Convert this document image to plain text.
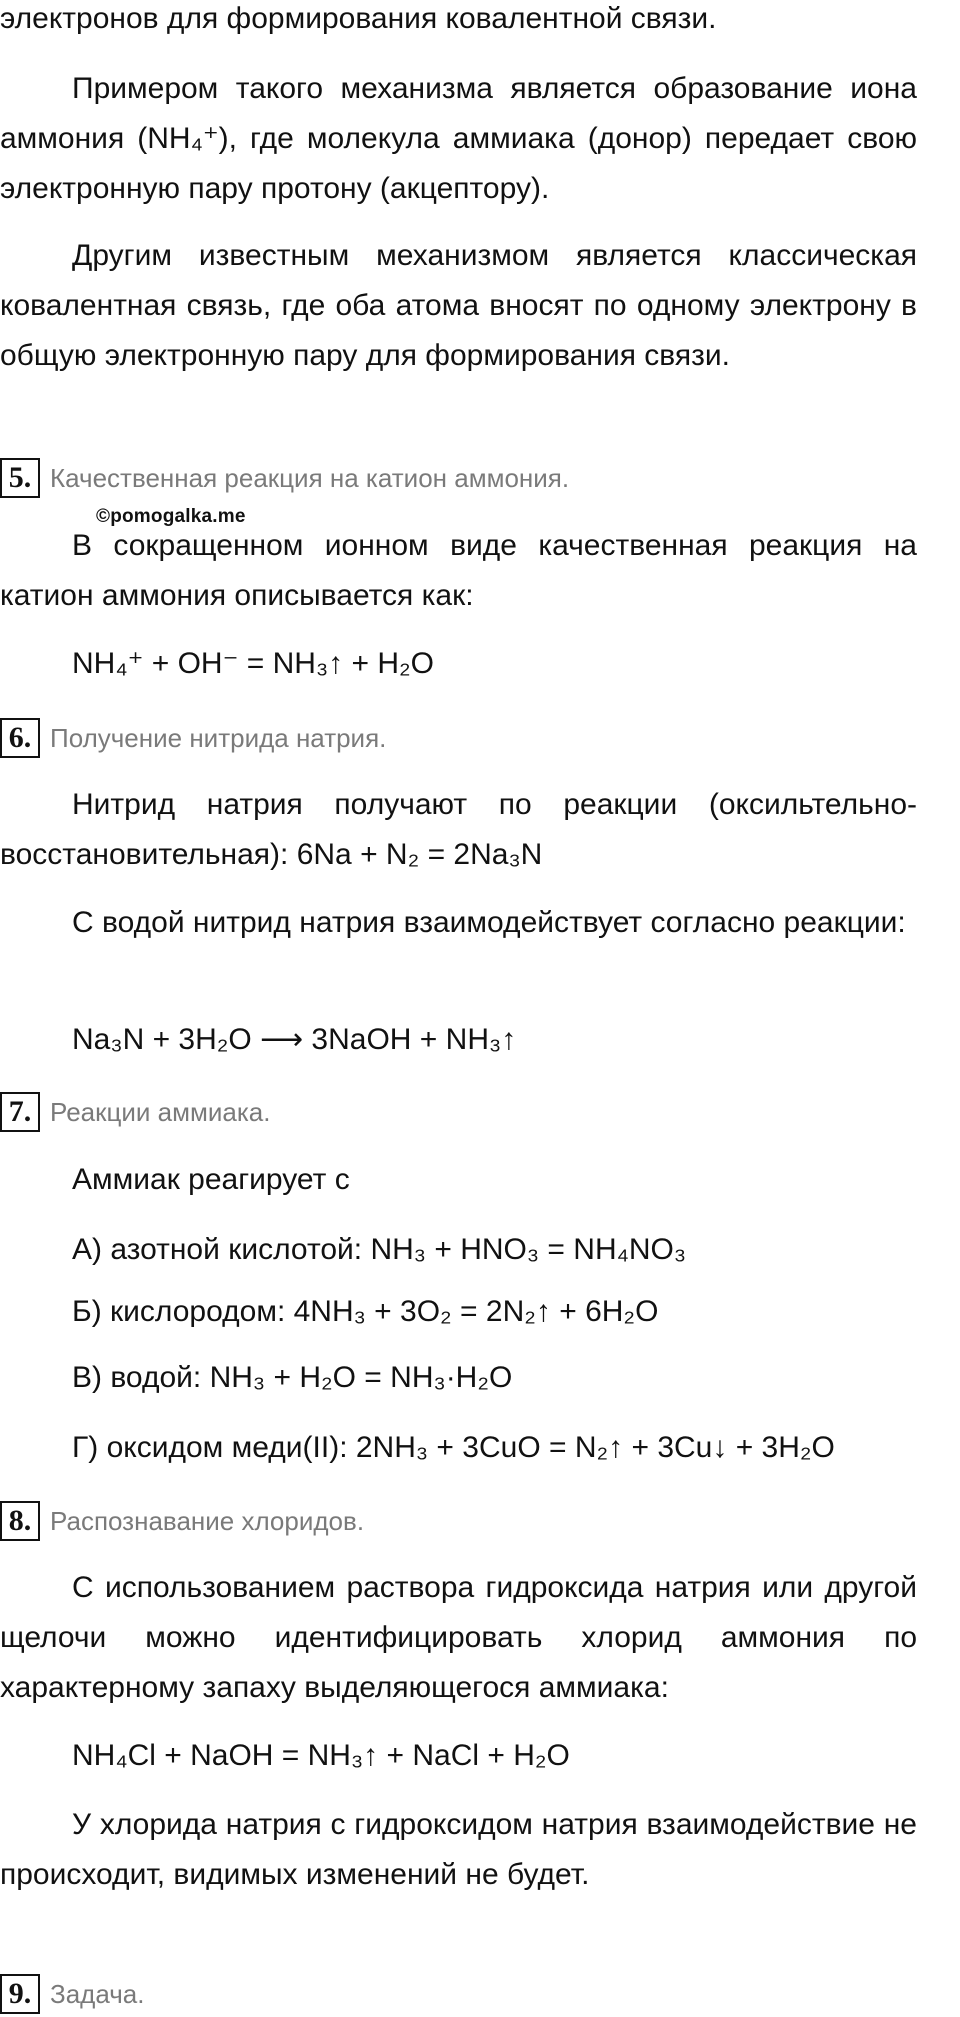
электронов для формирования ковалентной связи.
Примером такого механизма является образование иона аммония (NH₄⁺), где молекула аммиака (донор) передает свою электронную пару протону (акцептору).
Другим известным механизмом является классическая ковалентная связь, где оба атома вносят по одному электрону в общую электронную пару для формирования связи.
5. Качественная реакция на катион аммония.
©pomogalka.me
В сокращенном ионном виде качественная реакция на катион аммония описывается как:
NH₄⁺ + OH⁻ = NH₃↑ + H₂O
6. Получение нитрида натрия.
Нитрид натрия получают по реакции (оксильтельно-восстановительная): 6Na + N₂ = 2Na₃N
С водой нитрид натрия взаимодействует согласно реакции:
Na₃N + 3H₂O ⟶ 3NaOH + NH₃↑
7. Реакции аммиака.
Аммиак реагирует с
А) азотной кислотой: NH₃ + HNO₃ = NH₄NO₃
Б) кислородом: 4NH₃ + 3O₂ = 2N₂↑ + 6H₂O
В) водой: NH₃ + H₂O = NH₃·H₂O
Г) оксидом меди(II): 2NH₃ + 3CuO = N₂↑ + 3Cu↓ + 3H₂O
8. Распознавание хлоридов.
С использованием раствора гидроксида натрия или другой щелочи можно идентифицировать хлорид аммония по характерному запаху выделяющегося аммиака:
NH₄Cl + NaOH = NH₃↑ + NaCl + H₂O
У хлорида натрия с гидроксидом натрия взаимодействие не происходит, видимых изменений не будет.
9. Задача.
